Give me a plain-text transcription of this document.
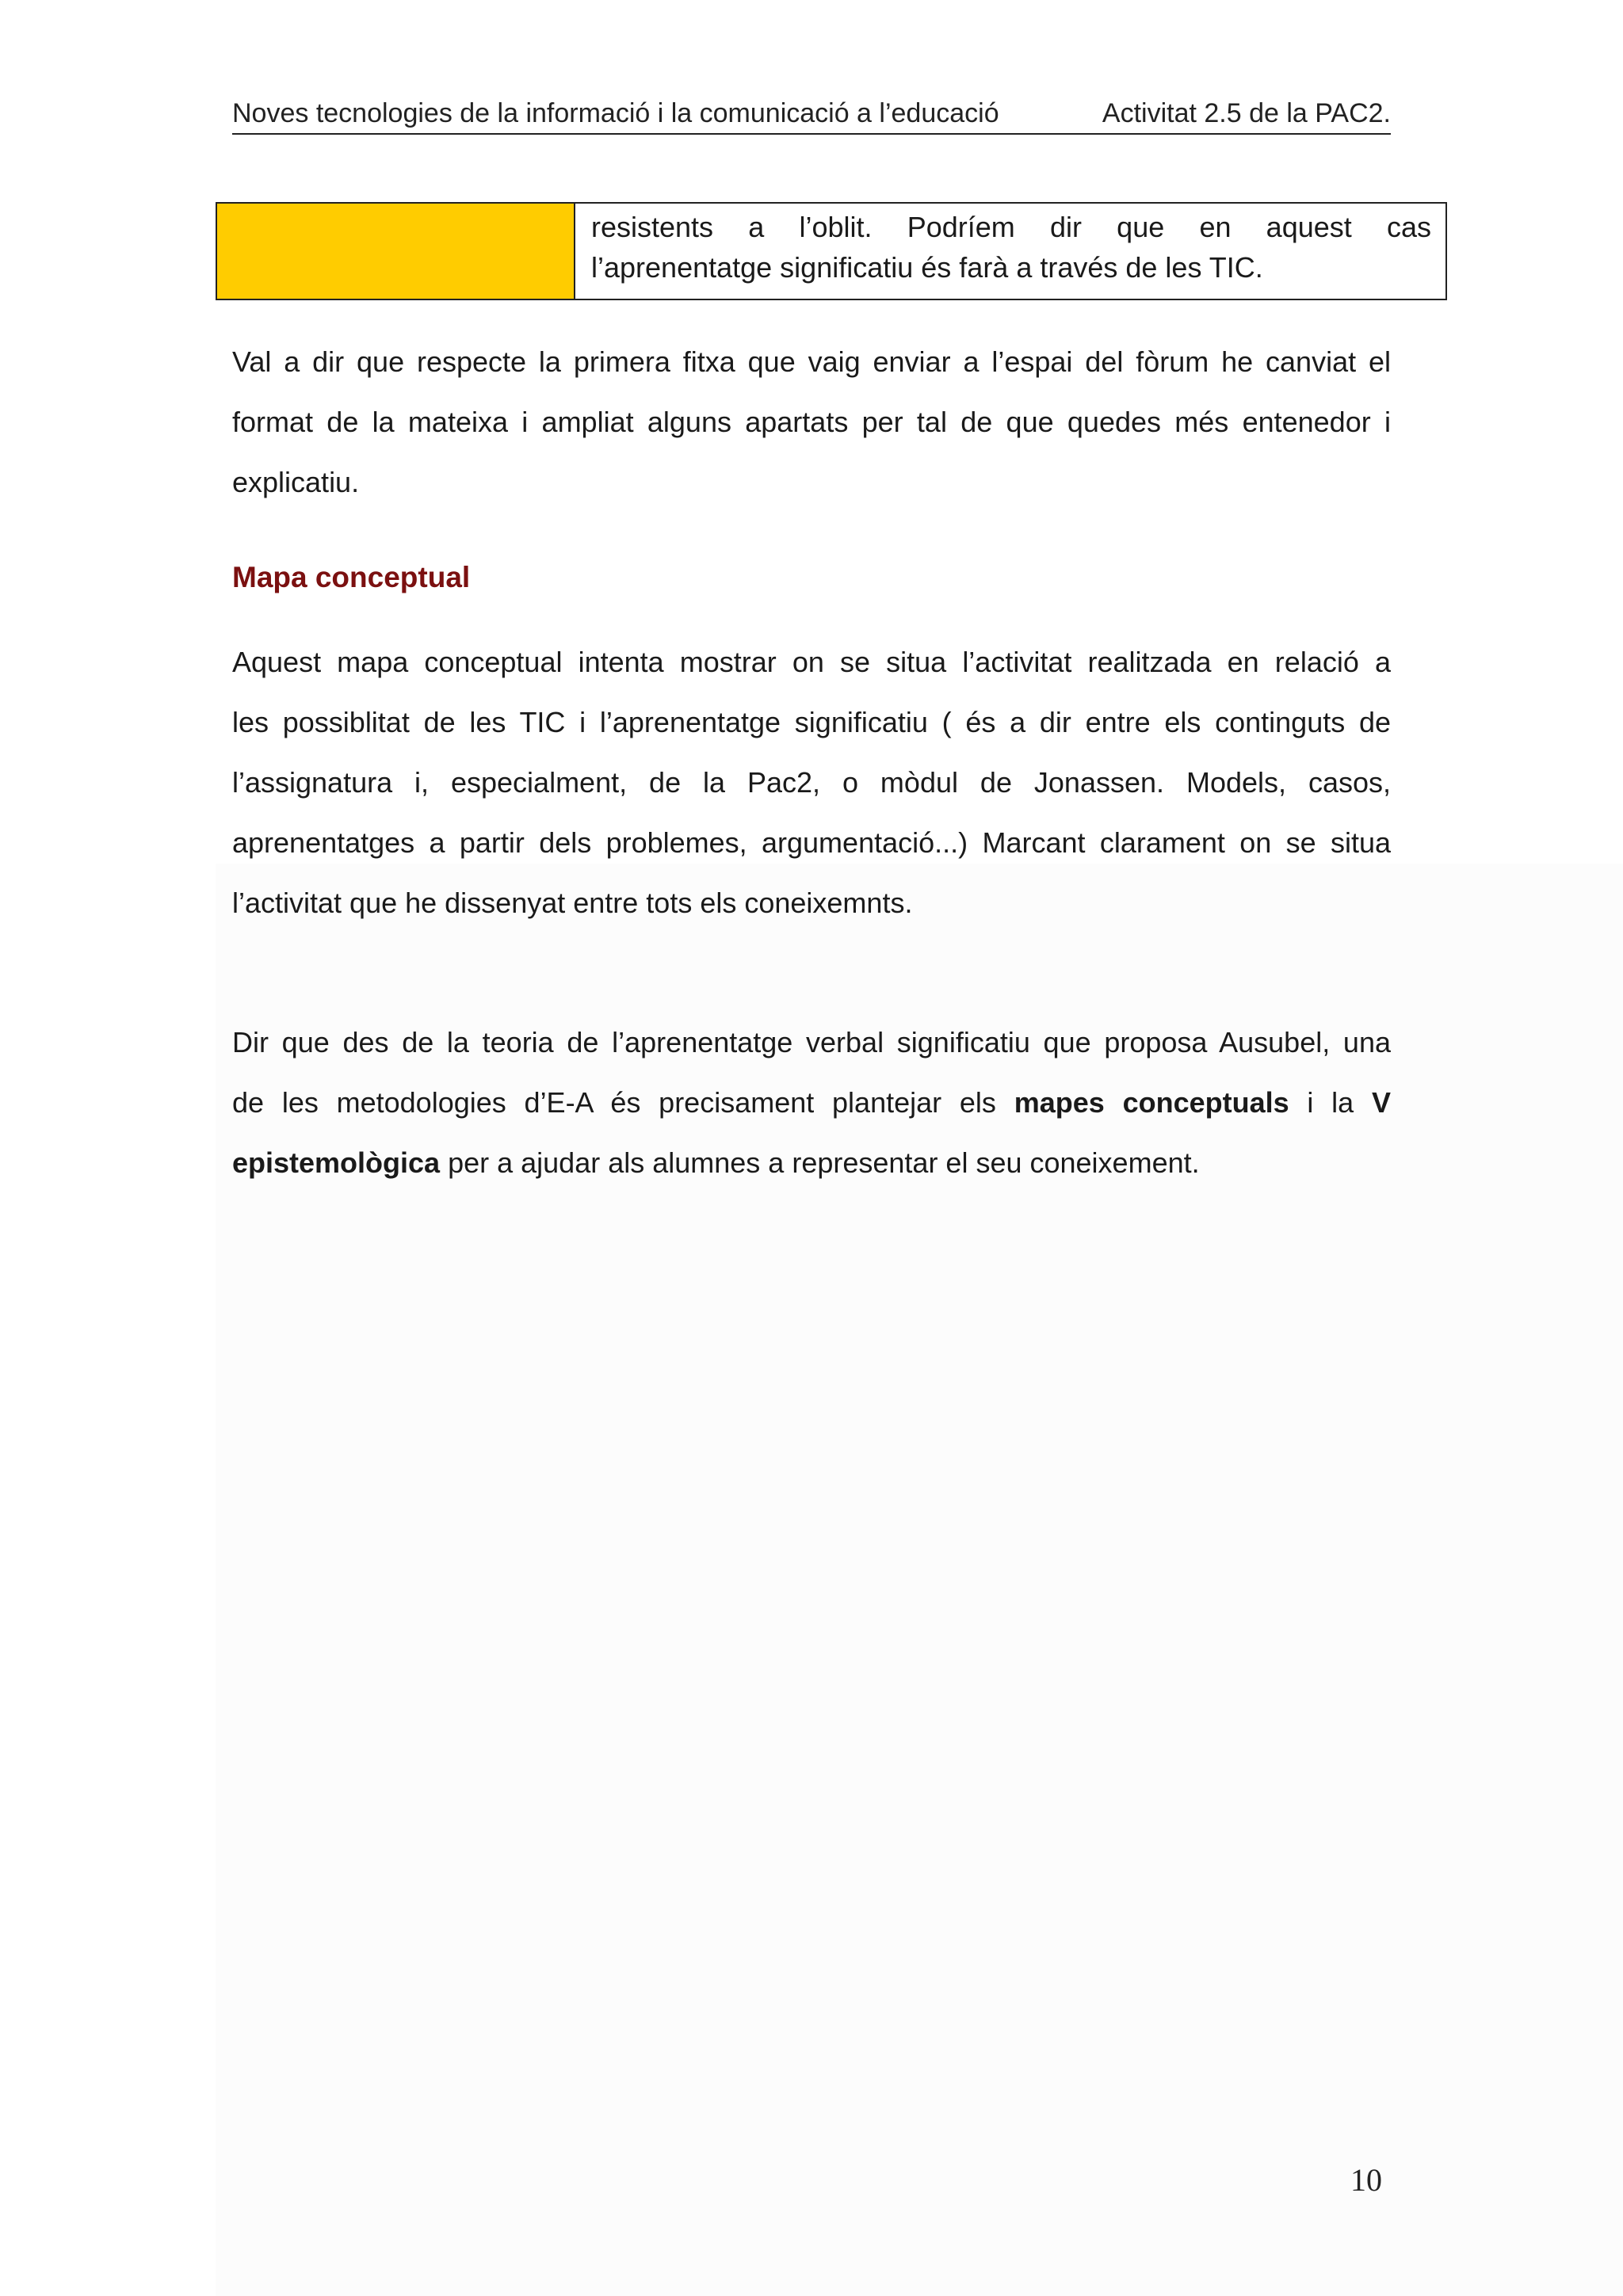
Noves tecnologies de la informació i la comunicació a l’educació	Activitat 2.5 de la PAC2.
resistents a l’oblit. Podríem dir que en aquest cas
l’aprenentatge significatiu és farà a través de les TIC.
Val a dir que respecte la primera fitxa que vaig enviar a l’espai del fòrum he canviat el
format de la mateixa i ampliat alguns apartats per tal de que quedes més entenedor i
explicatiu.
Mapa conceptual
Aquest mapa conceptual intenta mostrar on se situa l’activitat realitzada en relació a
les possiblitat de les TIC i l’aprenentatge significatiu ( és a dir entre els continguts de
l’assignatura i, especialment, de la Pac2, o mòdul de Jonassen. Models, casos,
aprenentatges a partir dels problemes, argumentació...) Marcant clarament on se situa
l’activitat que he dissenyat entre tots els coneixemnts.
Dir que des de la teoria de l’aprenentatge verbal significatiu que proposa Ausubel, una
de les metodologies d’E-A és precisament plantejar els mapes conceptuals i la V
epistemològica per a ajudar als alumnes a representar el seu coneixement.
10
